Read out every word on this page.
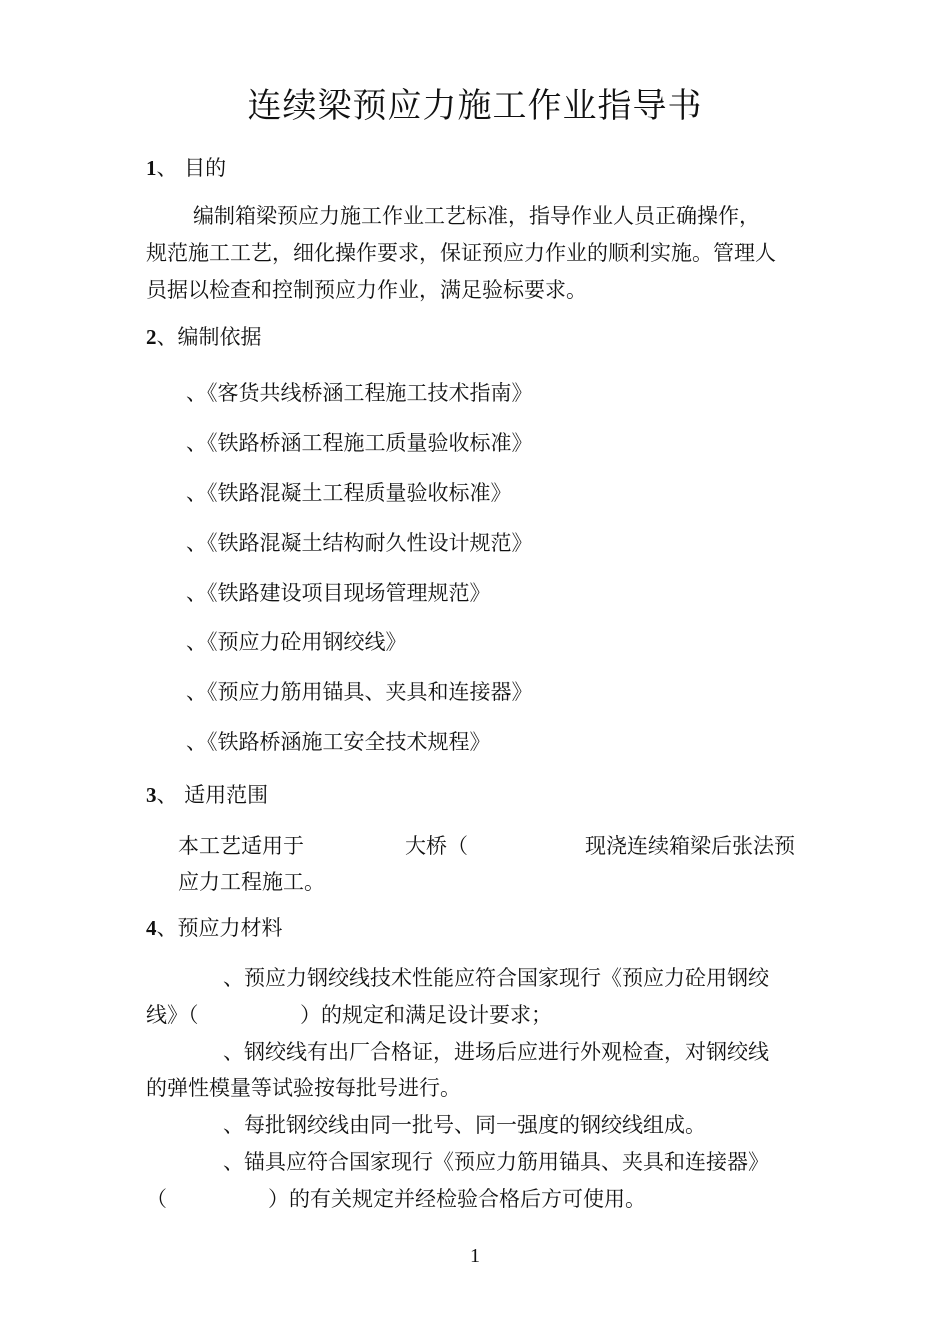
连续梁预应力施工作业指导书
1、 目的
编制箱梁预应力施工作业工艺标准，指导作业人员正确操作，
规范施工工艺，细化操作要求，保证预应力作业的顺利实施。管理人
员据以检查和控制预应力作业，满足验标要求。
2、编制依据
、《客货共线桥涵工程施工技术指南》
、《铁路桥涵工程施工质量验收标准》
、《铁路混凝土工程质量验收标准》
、《铁路混凝土结构耐久性设计规范》
、《铁路建设项目现场管理规范》
、《预应力砼用钢绞线》
、《预应力筋用锚具、夹具和连接器》
、《铁路桥涵施工安全技术规程》
3、 适用范围
本工艺适用于	大桥（	现浇连续箱梁后张法预
应力工程施工。
4、预应力材料
、预应力钢绞线技术性能应符合国家现行《预应力砼用钢绞
线》（	）的规定和满足设计要求；
、钢绞线有出厂合格证，进场后应进行外观检查，对钢绞线
的弹性模量等试验按每批号进行。
、每批钢绞线由同一批号、同一强度的钢绞线组成。
、锚具应符合国家现行《预应力筋用锚具、夹具和连接器》
（	）的有关规定并经检验合格后方可使用。
1
